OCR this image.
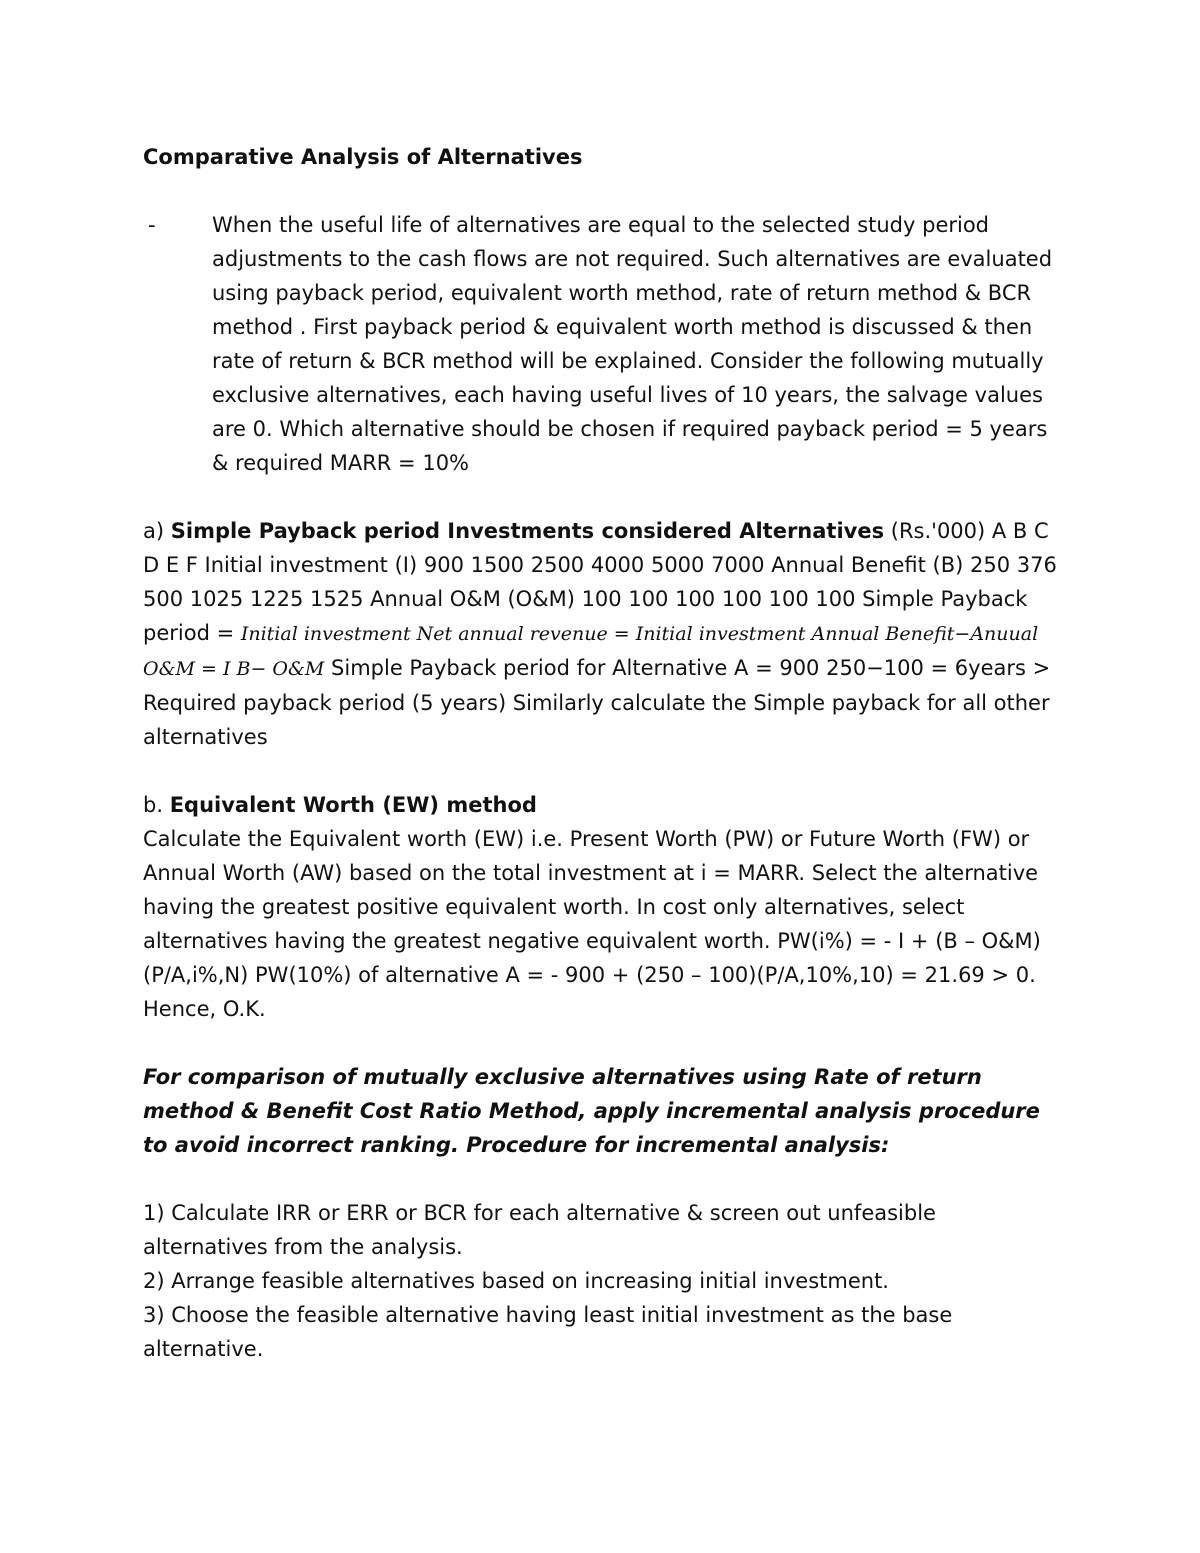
Comparative Analysis of Alternatives

-	When the useful life of alternatives are equal to the selected study period adjustments to the cash flows are not required. Such alternatives are evaluated using payback period, equivalent worth method, rate of return method & BCR method . First payback period & equivalent worth method is discussed & then rate of return & BCR method will be explained. Consider the following mutually exclusive alternatives, each having useful lives of 10 years, the salvage values are 0. Which alternative should be chosen if required payback period = 5 years & required MARR = 10%

a) Simple Payback period Investments considered Alternatives (Rs.'000) A B C D E F Initial investment (I) 900 1500 2500 4000 5000 7000 Annual Benefit (B) 250 376 500 1025 1225 1525 Annual O&M (O&M) 100 100 100 100 100 100 Simple Payback period = Initial investment Net annual revenue = Initial investment Annual Benefit−Anuual O&M = I B− O&M Simple Payback period for Alternative A = 900 250−100 = 6years > Required payback period (5 years) Similarly calculate the Simple payback for all other alternatives

b. Equivalent Worth (EW) method

Calculate the Equivalent worth (EW) i.e. Present Worth (PW) or Future Worth (FW) or Annual Worth (AW) based on the total investment at i = MARR. Select the alternative having the greatest positive equivalent worth. In cost only alternatives, select alternatives having the greatest negative equivalent worth. PW(i%) = - I + (B – O&M)(P/A,i%,N) PW(10%) of alternative A = - 900 + (250 – 100)(P/A,10%,10) = 21.69 > 0. Hence, O.K.

For comparison of mutually exclusive alternatives using Rate of return method & Benefit Cost Ratio Method, apply incremental analysis procedure to avoid incorrect ranking. Procedure for incremental analysis:

1) Calculate IRR or ERR or BCR for each alternative & screen out unfeasible alternatives from the analysis.

2) Arrange feasible alternatives based on increasing initial investment.

3) Choose the feasible alternative having least initial investment as the base alternative.
